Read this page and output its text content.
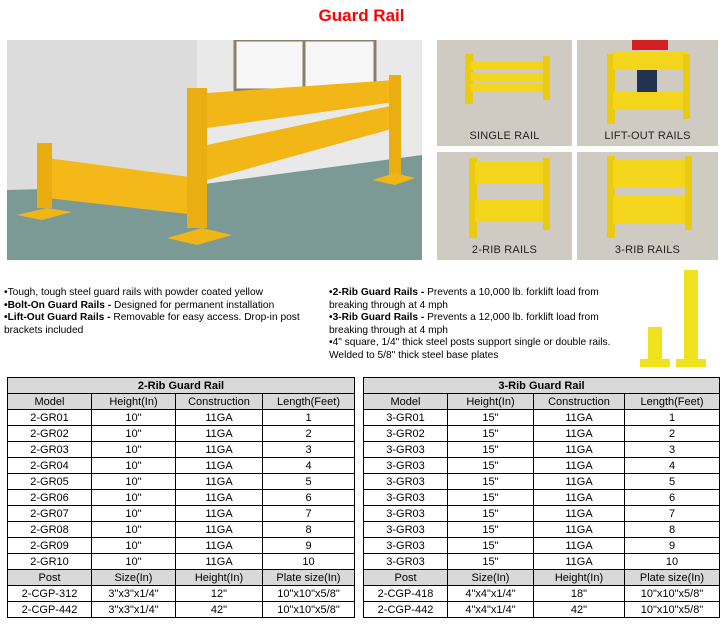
Guard Rail
SINGLE RAIL	LIFT-OUT RAILS
2-RIB RAILS	3-RIB RAILS
•Tough, tough steel guard rails with powder coated yellow
•Bolt-On Guard Rails - Designed for permanent installation
•Lift-Out Guard Rails - Removable for easy access. Drop-in post brackets included
•2-Rib Guard Rails - Prevents a 10,000 lb. forklift load from breaking through at 4 mph
•3-Rib Guard Rails - Prevents a 12,000 lb. forklift load from breaking through at 4 mph
•4" square, 1/4" thick steel posts support single or double rails. Welded to 5/8" thick steel base plates
2-Rib Guard Rail			
Model	Height(In)	Construction	Length(Feet)
2-GR01	10"	11GA	1
2-GR02	10"	11GA	2
2-GR03	10"	11GA	3
2-GR04	10"	11GA	4
2-GR05	10"	11GA	5
2-GR06	10"	11GA	6
2-GR07	10"	11GA	7
2-GR08	10"	11GA	8
2-GR09	10"	11GA	9
2-GR10	10"	11GA	10
Post	Size(In)	Height(In)	Plate size(In)
2-CGP-312	3"x3"x1/4"	12"	10"x10"x5/8"
2-CGP-442	3"x3"x1/4"	42"	10"x10"x5/8"
3-Rib Guard Rail			
Model	Height(In)	Construction	Length(Feet)
3-GR01	15"	11GA	1
3-GR02	15"	11GA	2
3-GR03	15"	11GA	3
3-GR03	15"	11GA	4
3-GR03	15"	11GA	5
3-GR03	15"	11GA	6
3-GR03	15"	11GA	7
3-GR03	15"	11GA	8
3-GR03	15"	11GA	9
3-GR03	15"	11GA	10
Post	Size(In)	Height(In)	Plate size(In)
2-CGP-418	4"x4"x1/4"	18"	10"x10"x5/8"
2-CGP-442	4"x4"x1/4"	42"	10"x10"x5/8"
